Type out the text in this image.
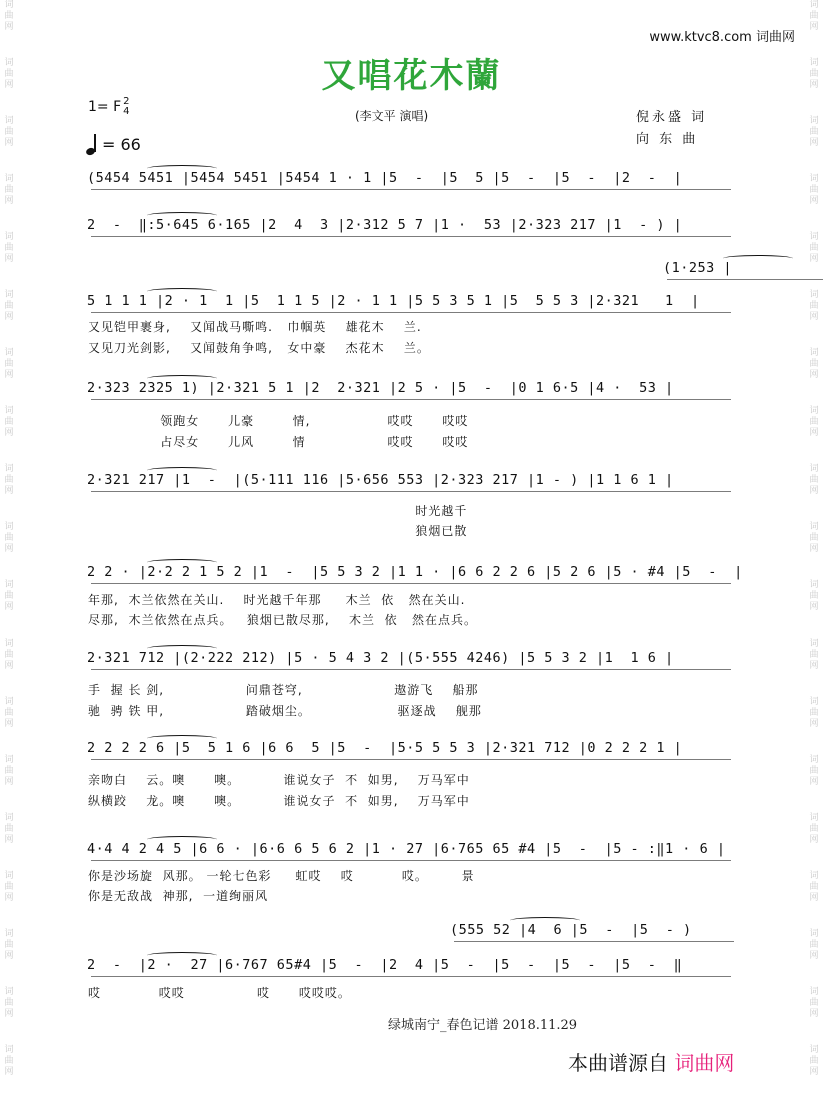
词
曲
网
词
曲
网
词
曲
网
词
曲
网
词
曲
网
词
曲
网
词
曲
网
词
曲
网
词
曲
网
词
曲
网
词
曲
网
词
曲
网
词
曲
网
词
曲
网
词
曲
网
词
曲
网
词
曲
网
词
曲
网
词
曲
网
词
曲
网
词
曲
网
词
曲
网
词
曲
网
词
曲
网
词
曲
网
词
曲
网
词
曲
网
词
曲
网
词
曲
网
词
曲
网
词
曲
网
词
曲
网
词
曲
网
词
曲
网
词
曲
网
词
曲
网
词
曲
网
词
曲
网
www.ktvc8.com 词曲网
又唱花木蘭
1= F 2
4
= 66
(李文平 演唱)	倪永盛 词
向 东 曲
(5454 5451 |5454 5451 |5454 1 · 1 |5  -  |5  5 |5  -  |5  -  |2  -  |
2  -  ‖:5·645 6·165 |2  4  3 |2·312 5 7 |1 ·  53 |2·323 217 |1  - ) |
(1·253 |
5 1 1 1 |2 · 1  1 |5  1 1 5 |2 · 1 1 |5 5 3 5 1 |5  5 5 3 |2·321   1  |
2·323 2325 1) |2·321 5 1 |2  2·321 |2 5 · |5  -  |0 1 6·5 |4 ·  53 |
2·321 217 |1  -  |(5·111 116 |5·656 553 |2·323 217 |1 - ) |1 1 6 1 |
2 2 · |2·2 2 1 5 2 |1  -  |5 5 3 2 |1 1 · |6 6 2 2 6 |5 2 6 |5 · #4 |5  -  |
2·321 712 |(2·222 212) |5 · 5 4 3 2 |(5·555 4246) |5 5 3 2 |1  1 6 |
2 2 2 2 6 |5  5 1 6 |6 6  5 |5  -  |5·5 5 5 3 |2·321 712 |0 2 2 2 1 |
4·4 4 2 4 5 |6 6 · |6·6 6 5 6 2 |1 · 27 |6·765 65 #4 |5  -  |5 - :‖1 · 6 |
(555 52 |4  6 |5  -  |5  - )
2  -  |2 ·  27 |6·767 65#4 |5  -  |2  4 |5  -  |5  -  |5  -  |5  -  ‖
又见铠甲裹身,    又闻战马嘶鸣.   巾帼英    雄花木    兰.
又见刀光剑影,    又闻鼓角争鸣,   女中豪    杰花木    兰。
领跑女      儿豪        情,                哎哎      哎哎
占尽女      儿风        情                 哎哎      哎哎
时光越千
狼烟已散
年那,  木兰依然在关山.    时光越千年那     木兰  依   然在关山.
尽那,  木兰依然在点兵。   狼烟已散尽那,    木兰  依   然在点兵。
手  握 长 剑,                 问鼎苍穹,                   遨游飞    船那
驰  骋 铁 甲,                 踏破烟尘。                  驱逐战    舰那
亲吻白    云。噢      噢。         谁说女子  不  如男,    万马军中
纵横跤    龙。噢      噢。         谁说女子  不  如男,    万马军中
你是沙场旋  风那。 一轮七色彩     虹哎    哎          哎。       景
你是无敌战  神那,  一道绚丽风
哎            哎哎               哎      哎哎哎。
绿城南宁_春色记谱 2018.11.29
本曲谱源自 词曲网
